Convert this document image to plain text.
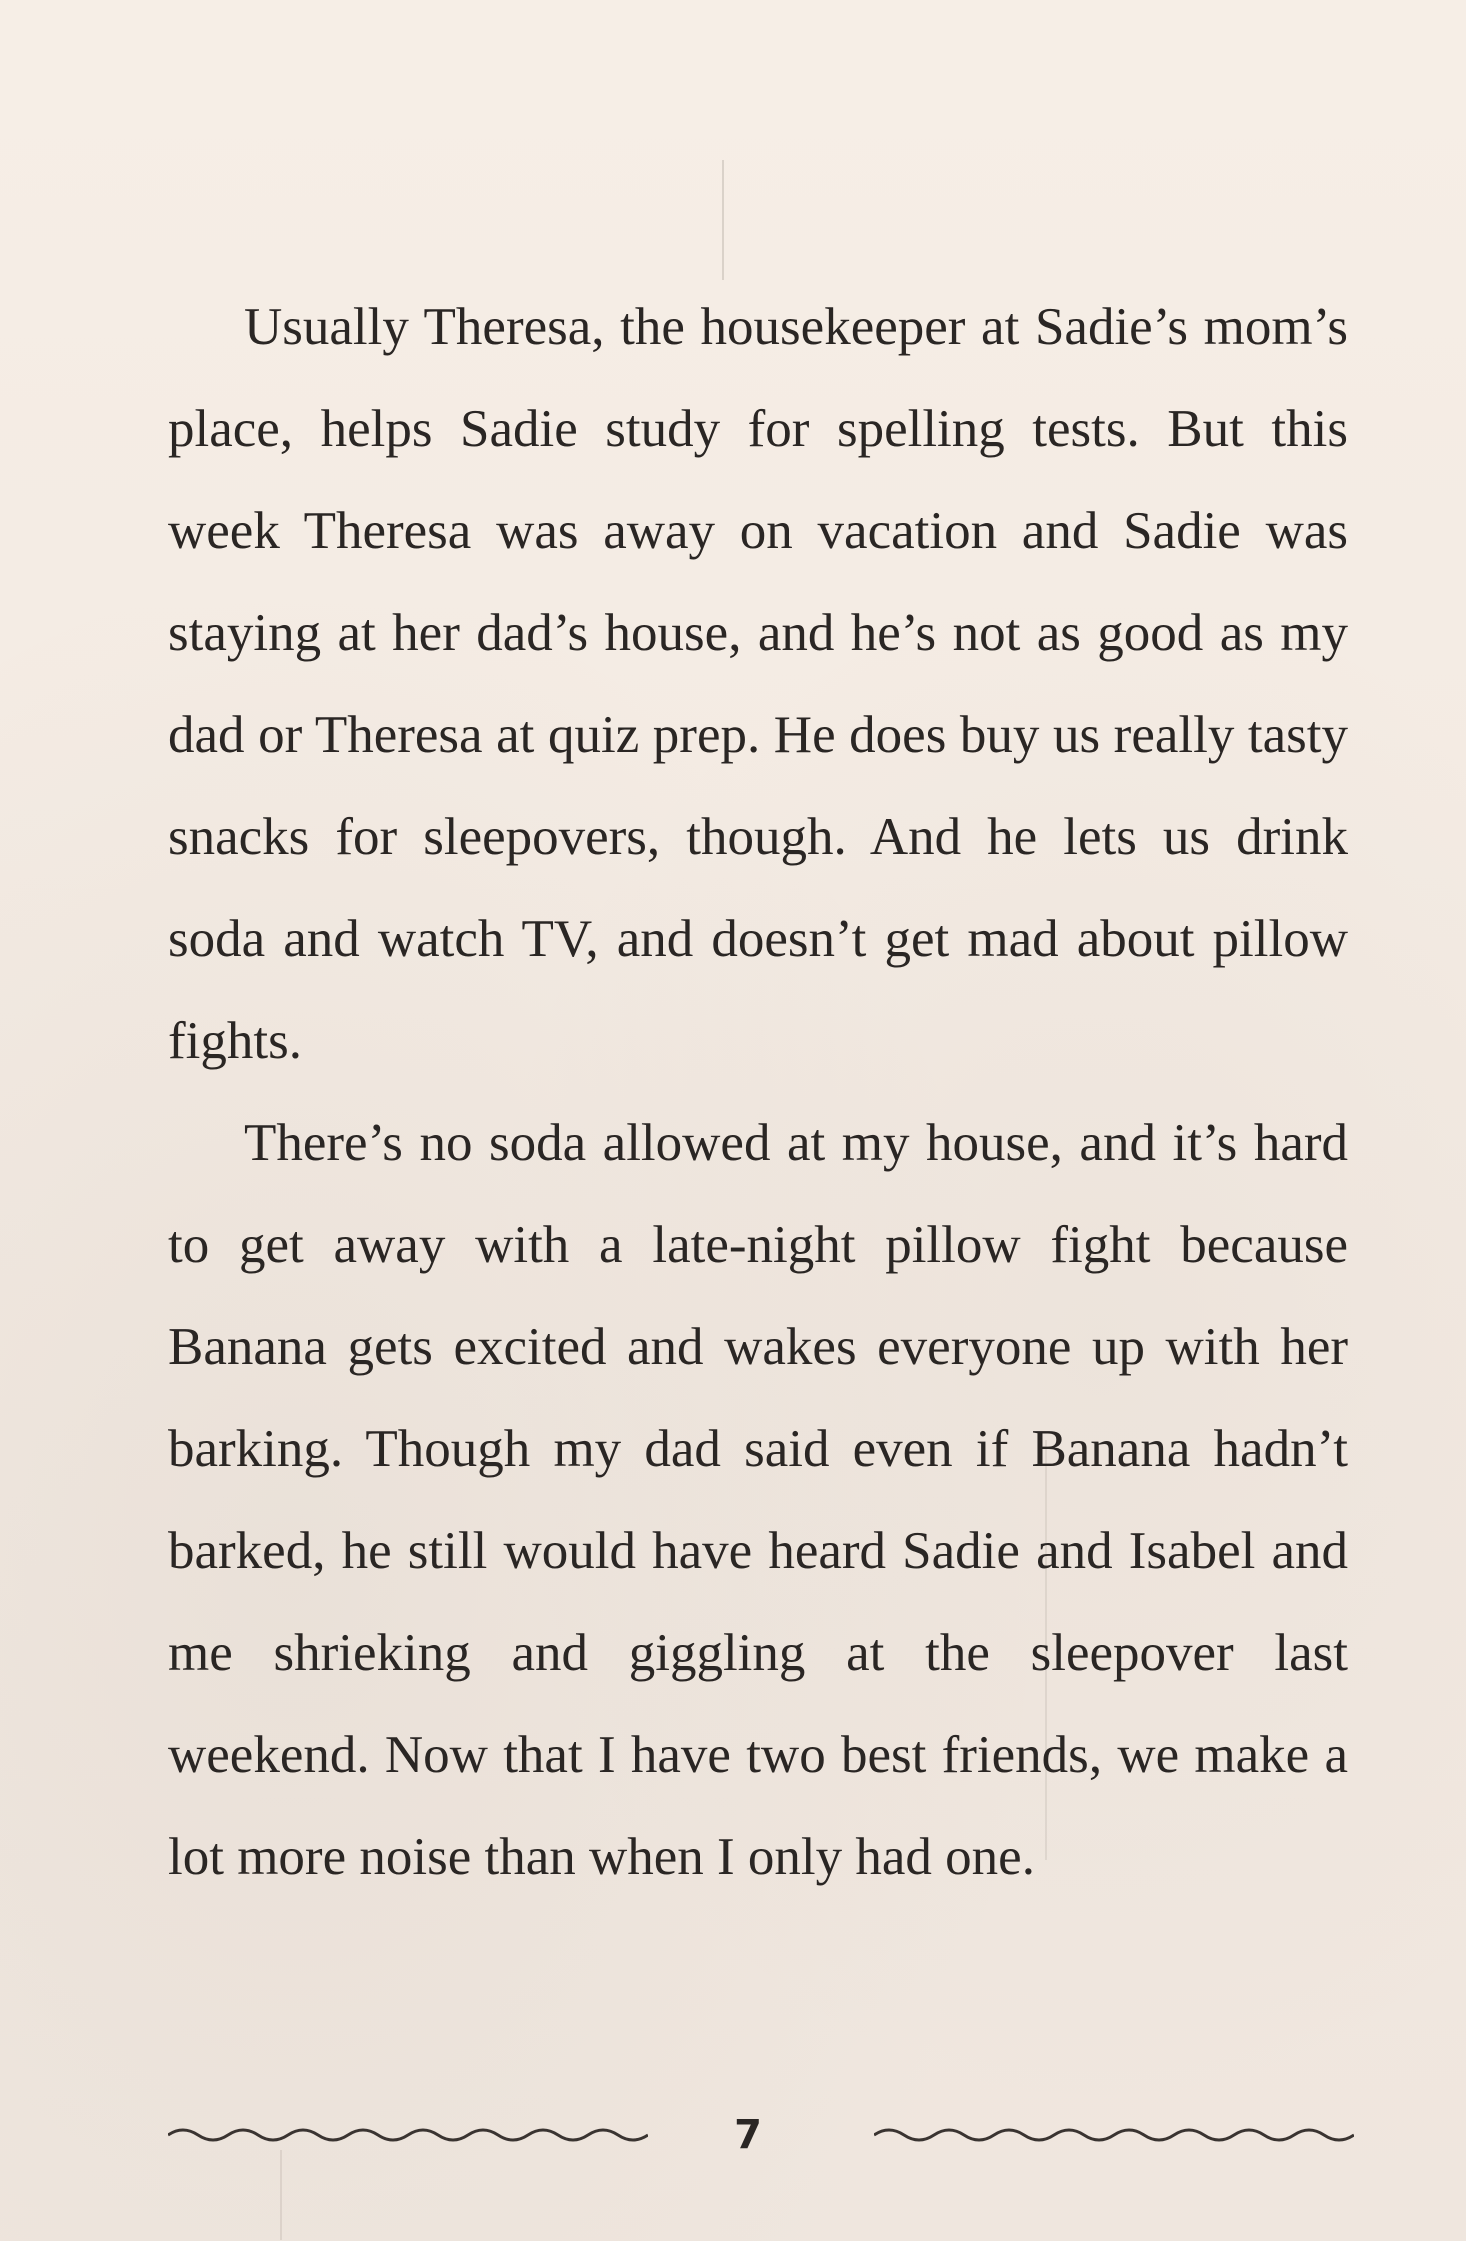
Usually Theresa, the housekeeper at Sadie’s mom’s place, helps Sadie study for spelling tests. But this week Theresa was away on vacation and Sadie was staying at her dad’s house, and he’s not as good as my dad or Theresa at quiz prep. He does buy us really tasty snacks for sleepovers, though. And he lets us drink soda and watch TV, and doesn’t get mad about pillow fights.

There’s no soda allowed at my house, and it’s hard to get away with a late-night pillow fight because Banana gets excited and wakes everyone up with her barking. Though my dad said even if Banana hadn’t barked, he still would have heard Sadie and Isabel and me shrieking and giggling at the sleepover last weekend. Now that I have two best friends, we make a lot more noise than when I only had one.

7
